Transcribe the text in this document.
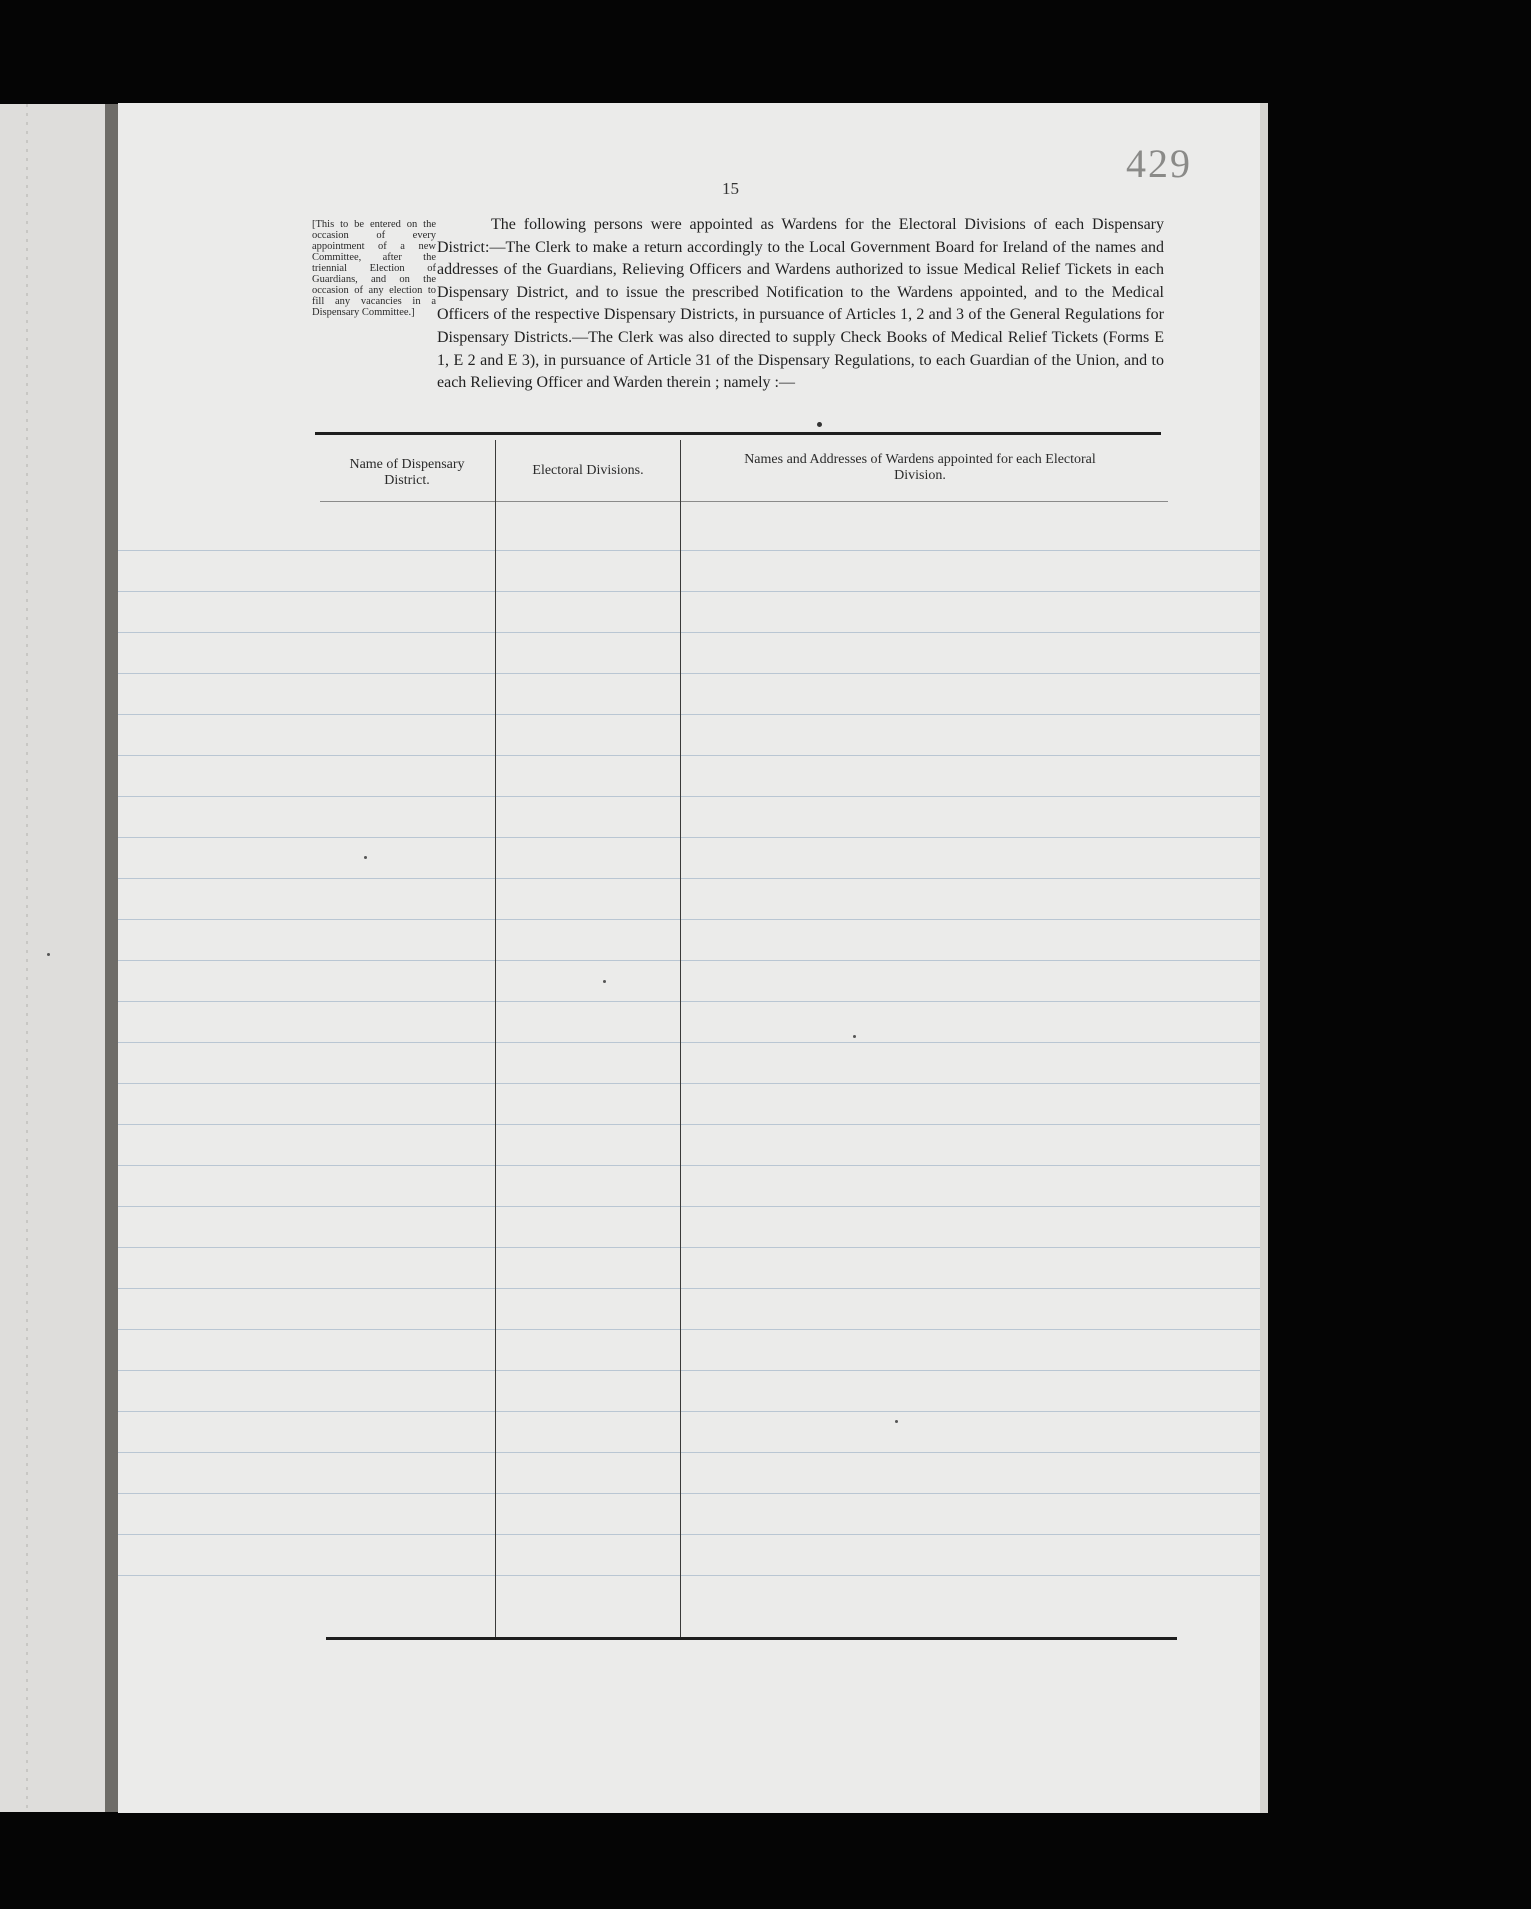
429
15
[This to be entered on the occasion of every appointment of a new Committee, after the triennial Election of Guardians, and on the occasion of any election to fill any vacancies in a Dispensary Committee.]
The following persons were appointed as Wardens for the Electoral Divisions of each Dispensary District:—The Clerk to make a return accordingly to the Local Government Board for Ireland of the names and addresses of the Guardians, Relieving Officers and Wardens authorized to issue Medical Relief Tickets in each Dispensary District, and to issue the prescribed Notification to the Wardens appointed, and to the Medical Officers of the respective Dispensary Districts, in pursuance of Articles 1, 2 and 3 of the General Regulations for Dispensary Districts.—The Clerk was also directed to supply Check Books of Medical Relief Tickets (Forms E 1, E 2 and E 3), in pursuance of Article 31 of the Dispensary Regulations, to each Guardian of the Union, and to each Relieving Officer and Warden therein ; namely :—
Name of Dispensary District.
Electoral Divisions.
Names and Addresses of Wardens appointed for each Electoral Division.
